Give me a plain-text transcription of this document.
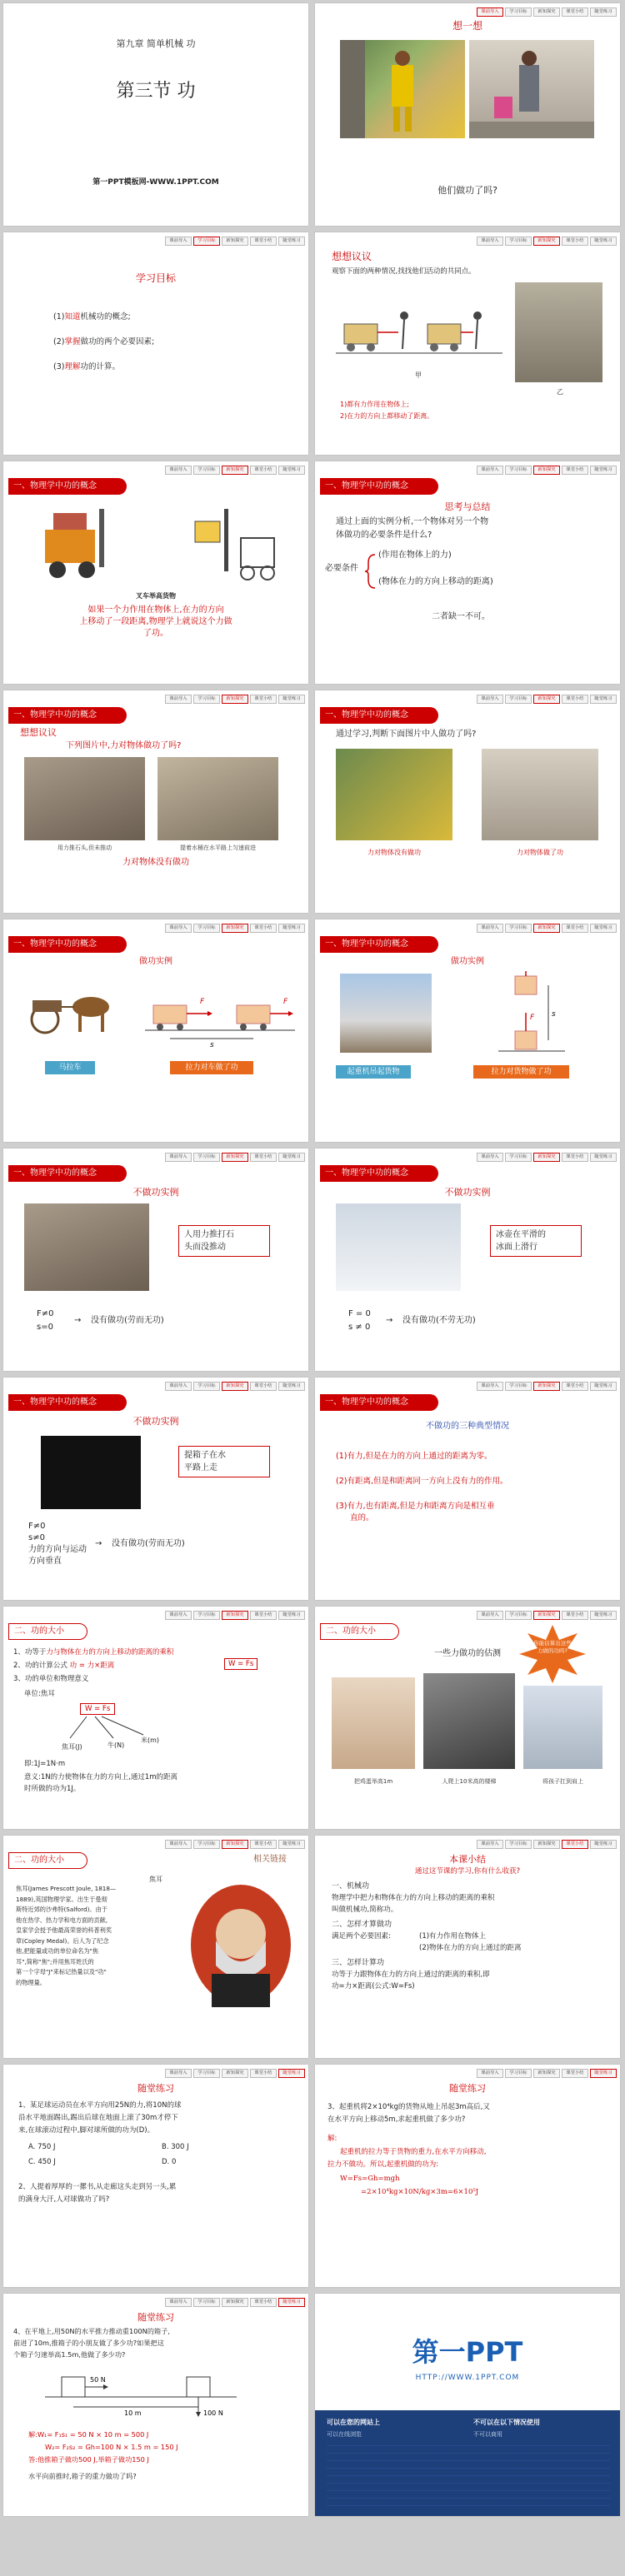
第九章 简单机械 功
第三节 功
第一PPT模板网-WWW.1PPT.COM
课前导入	学习目标	新知探究	课堂小结	随堂练习
想一想
他们做功了吗?
课前导入	学习目标	新知探究	课堂小结	随堂练习
学习目标
(1)知道机械功的概念;
(2)掌握做功的两个必要因素;
(3)理解功的计算。
课前导入	学习目标	新知探究	课堂小结	随堂练习
想想议议
观察下面的两种情况,找找他们活动的共同点。
甲
乙
1)都有力作用在物体上;
2)在力的方向上都移动了距离。
课前导入	学习目标	新知探究	课堂小结	随堂练习
一、物理学中功的概念
叉车举高货物
如果一个力作用在物体上,在力的方向
上移动了一段距离,物理学上就说这个力做
了功。
课前导入	学习目标	新知探究	课堂小结	随堂练习
一、物理学中功的概念
思考与总结
通过上面的实例分析,一个物体对另一个物
体做功的必要条件是什么?
必要条件
(作用在物体上的力)
(物体在力的方向上移动的距离)
二者缺一不可。
课前导入	学习目标	新知探究	课堂小结	随堂练习
一、物理学中功的概念
想想议议
下列图片中,力对物体做功了吗?
用力推石头,但未推动	提着水桶在水平路上匀速前进
力对物体没有做功
课前导入	学习目标	新知探究	课堂小结	随堂练习
一、物理学中功的概念
通过学习,判断下面图片中人做功了吗?
力对物体没有做功	力对物体做了功
课前导入	学习目标	新知探究	课堂小结	随堂练习
一、物理学中功的概念
做功实例
F	F
s
马拉车	拉力对车做了功
课前导入	学习目标	新知探究	课堂小结	随堂练习
一、物理学中功的概念
做功实例
F s
起重机吊起货物	拉力对货物做了功
课前导入	学习目标	新知探究	课堂小结	随堂练习
一、物理学中功的概念
不做功实例
人用力推打石
头而没推动
F≠0
s=0
→ 没有做功(劳而无功)
课前导入	学习目标	新知探究	课堂小结	随堂练习
一、物理学中功的概念
不做功实例
冰壶在平滑的
冰面上滑行
F = 0
s ≠ 0
→ 没有做功(不劳无功)
课前导入	学习目标	新知探究	课堂小结	随堂练习
一、物理学中功的概念
不做功实例
提箱子在水
平路上走
F≠0
s≠0
力的方向与运动
方向垂直
→ 没有做功(劳而无功)
课前导入	学习目标	新知探究	课堂小结	随堂练习
一、物理学中功的概念
不做功的三种典型情况
(1)有力,但是在力的方向上通过的距离为零。
(2)有距离,但是和距离同一方向上没有力的作用。
(3)有力,也有距离,但是力和距离方向是相互垂
直的。
课前导入	学习目标	新知探究	课堂小结	随堂练习
二、功的大小
1、功等于力与物体在力的方向上移动的距离的乘积
2、功的计算公式 功 = 力×距离	W = Fs
3、功的单位和物理意义
单位:焦耳
W = Fs
焦耳(J)	牛(N)
米(m)
即:1J=1N·m
意义:1N的力使物体在力的方向上,通过1m的距离
时所做的功为1J。
课前导入	学习目标	新知探究	课堂小结	随堂练习
二、功的大小
一些力做功的估测
你能估算出这些力做的功吗?
把鸡蛋举高1m	人爬上10米高的楼梯	将孩子扛到肩上
课前导入	学习目标	新知探究	课堂小结	随堂练习
二、功的大小	相关链接
焦耳
焦耳(James Prescott Joule, 1818—
1889),英国物理学家。出生于曼彻
斯特近郊的沙弗特(Salford)。由于
他在热学、热力学和电方面的贡献,
皇家学会授予他最高荣誉的科普利奖
章(Copley Medal)。后人为了纪念
他,把能量或功的单位命名为"焦
耳",简称"焦";并用焦耳姓氏的
第一个字母"J"来标记热量以及"功"
的物理量。
课前导入	学习目标	新知探究	课堂小结	随堂练习
本课小结
通过这节课的学习,你有什么收获?
一、机械功
物理学中把力和物体在力的方向上移动的距离的乘积
叫做机械功,简称功。
二、怎样才算做功
满足两个必要因素:	(1)有力作用在物体上
(2)物体在力的方向上通过的距离
三、怎样计算功
功等于力跟物体在力的方向上通过的距离的乘积,即
功=力×距离(公式:W=Fs)
课前导入	学习目标	新知探究	课堂小结	随堂练习
随堂练习
1、某足球运动员在水平方向用25N的力,将10N的球
沿水平地面踢出,踢出后球在地面上滚了30m才停下
来,在球滚动过程中,脚对球所做的功为(D)。
A. 750 J	B. 300 J
C. 450 J	D. 0
2、人提着厚厚的一摞书,从走廊这头走到另一头,累
的满身大汗,人对球做功了吗?
课前导入	学习目标	新知探究	课堂小结	随堂练习
随堂练习
3、起重机将2×10⁴kg的货物从地上吊起3m高后,又
在水平方向上移动5m,求起重机做了多少功?
解:
起重机的拉力等于货物的重力,在水平方向移动,
拉力不做功。所以,起重机做的功为:
W=Fs=Gh=mgh
=2×10⁴kg×10N/kg×3m=6×10⁵J
课前导入	学习目标	新知探究	课堂小结	随堂练习
随堂练习
4、在平地上,用50N的水平推力推动重100N的箱子,
前进了10m,推箱子的小朋友做了多少功?如果把这
个箱子匀速举高1.5m,他做了多少功?
50 N
100 N
10 m
解:W₁= F₁s₁ = 50 N × 10 m = 500 J
W₂= F₂s₂ = Gh=100 N × 1.5 m = 150 J
答:他推箱子做功500 J,举箱子做功150 J
水平向前推时,箱子的重力做功了吗?
第一PPT
HTTP://WWW.1PPT.COM
可以在您的网站上
可以在线浏览
不可以在以下情况使用
不可以商用
